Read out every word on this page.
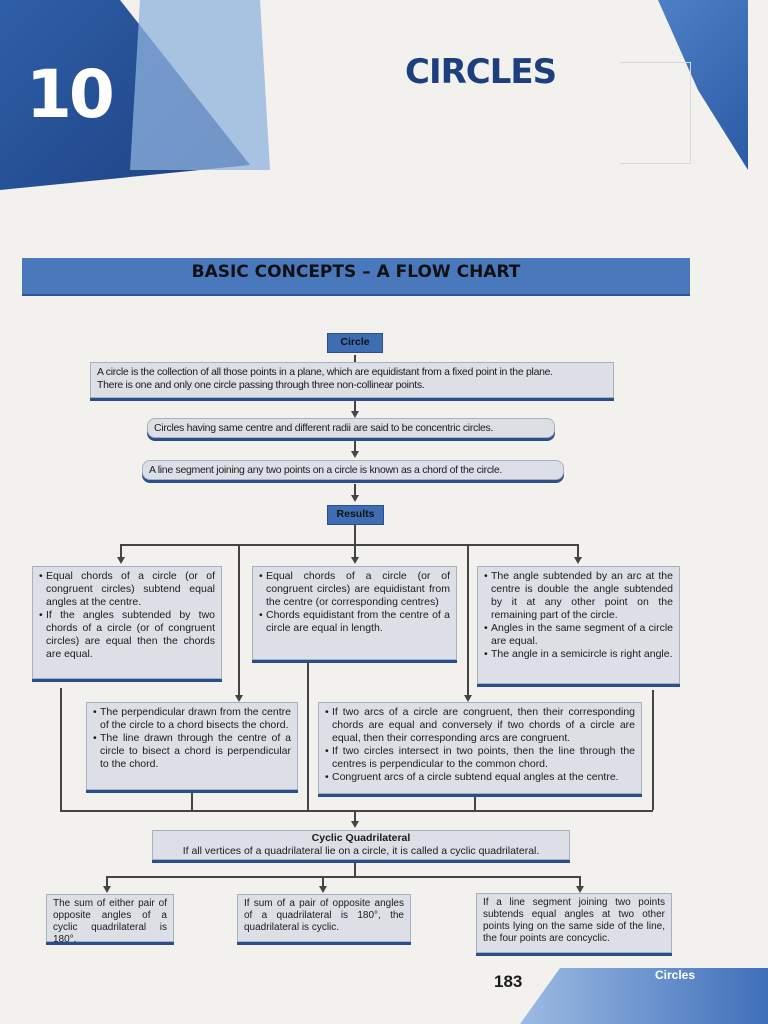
10	CIRCLES
BASIC CONCEPTS – A FLOW CHART
Circle
A circle is the collection of all those points in a plane, which are equidistant from a fixed point in the plane.
There is one and only one circle passing through three non-collinear points.
Circles having same centre and different radii are said to be concentric circles.
A line segment joining any two points on a circle is known as a chord of the circle.
Results
• Equal chords of a circle (or of congruent circles) subtend equal angles at the centre.
• If the angles subtended by two chords of a circle (or of congruent circles) are equal then the chords are equal.
• Equal chords of a circle (or of congruent circles) are equidistant from the centre (or corresponding centres)
• Chords equidistant from the centre of a circle are equal in length.
• The angle subtended by an arc at the centre is double the angle subtended by it at any other point on the remaining part of the circle.
• Angles in the same segment of a circle are equal.
• The angle in a semicircle is right angle.
• The perpendicular drawn from the centre of the circle to a chord bisects the chord.
• The line drawn through the centre of a circle to bisect a chord is perpendicular to the chord.
• If two arcs of a circle are congruent, then their corresponding chords are equal and conversely if two chords of a circle are equal, then their corresponding arcs are congruent.
• If two circles intersect in two points, then the line through the centres is perpendicular to the common chord.
• Congruent arcs of a circle subtend equal angles at the centre.
Cyclic Quadrilateral
If all vertices of a quadrilateral lie on a circle, it is called a cyclic quadrilateral.
The sum of either pair of opposite angles of a cyclic quadrilateral is 180°.
If sum of a pair of opposite angles of a quadrilateral is 180°, the quadrilateral is cyclic.
If a line segment joining two points subtends equal angles at two other points lying on the same side of the line, the four points are concyclic.
183	Circles
